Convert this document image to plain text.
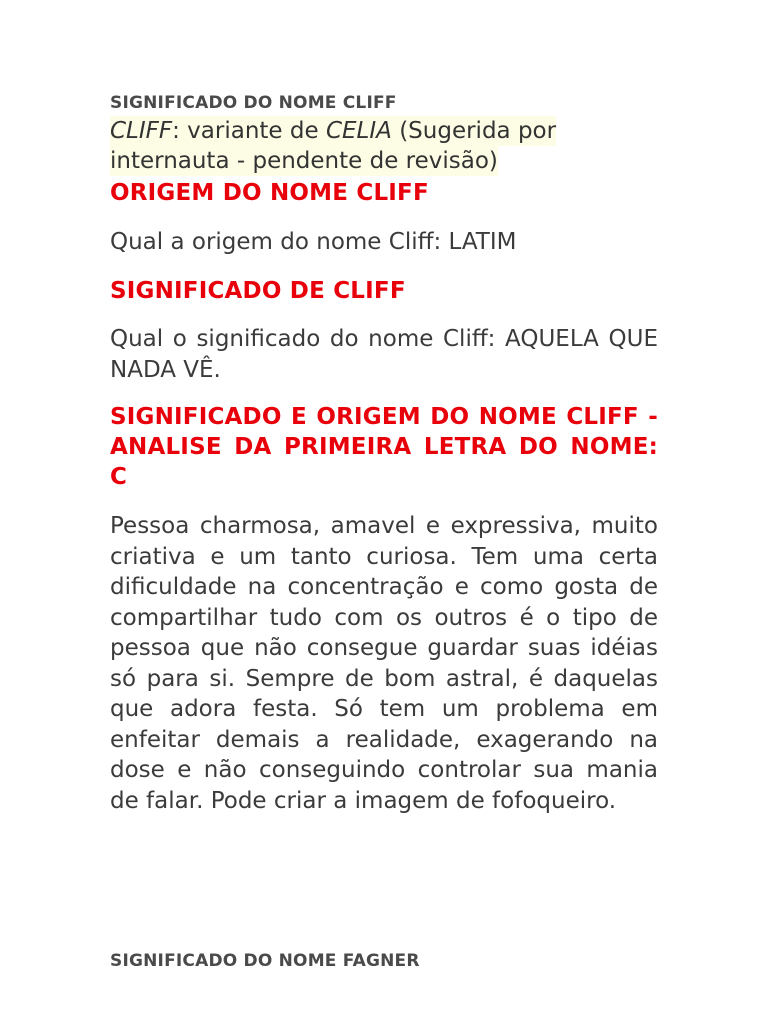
SIGNIFICADO DO NOME CLIFF
CLIFF: variante de CELIA (Sugerida por internauta - pendente de revisão)
ORIGEM DO NOME CLIFF

Qual a origem do nome Cliff: LATIM

SIGNIFICADO DE CLIFF

Qual o significado do nome Cliff: AQUELA QUE NADA VÊ.

SIGNIFICADO E ORIGEM DO NOME CLIFF - ANALISE DA PRIMEIRA LETRA DO NOME: C

Pessoa charmosa, amavel e expressiva, muito criativa e um tanto curiosa. Tem uma certa dificuldade na concentração e como gosta de compartilhar tudo com os outros é o tipo de pessoa que não consegue guardar suas idéias só para si. Sempre de bom astral, é daquelas que adora festa. Só tem um problema em enfeitar demais a realidade, exagerando na dose e não conseguindo controlar sua mania de falar. Pode criar a imagem de fofoqueiro.

SIGNIFICADO DO NOME FAGNER
